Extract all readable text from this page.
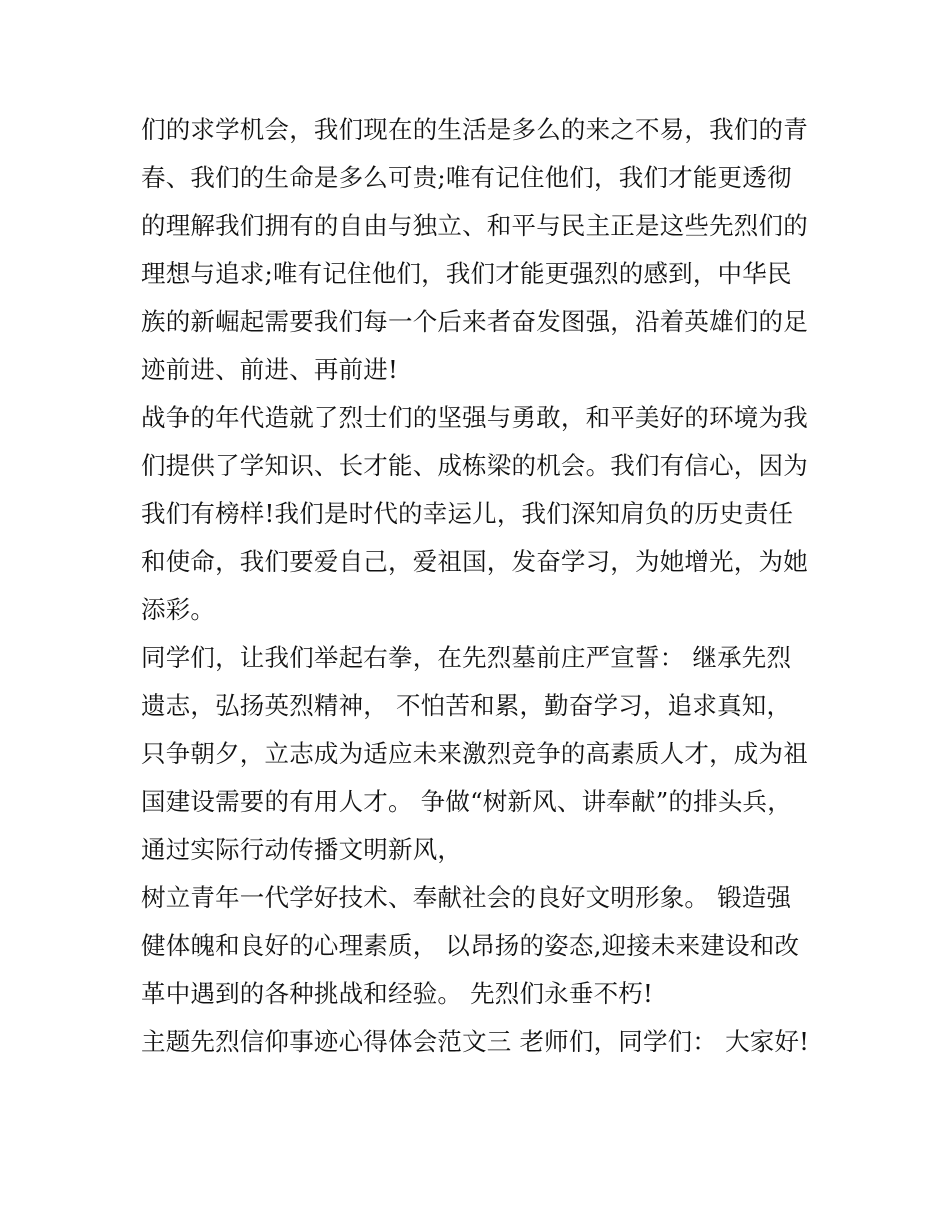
们的求学机会，我们现在的生活是多么的来之不易，我们的青
春、我们的生命是多么可贵;唯有记住他们，我们才能更透彻
的理解我们拥有的自由与独立、和平与民主正是这些先烈们的
理想与追求;唯有记住他们，我们才能更强烈的感到，中华民
族的新崛起需要我们每一个后来者奋发图强，沿着英雄们的足
迹前进、前进、再前进!
战争的年代造就了烈士们的坚强与勇敢，和平美好的环境为我
们提供了学知识、长才能、成栋梁的机会。我们有信心，因为
我们有榜样!我们是时代的幸运儿，我们深知肩负的历史责任
和使命，我们要爱自己，爱祖国，发奋学习，为她增光，为她
添彩。
同学们，让我们举起右拳，在先烈墓前庄严宣誓： 继承先烈
遗志，弘扬英烈精神， 不怕苦和累，勤奋学习，追求真知，
只争朝夕，立志成为适应未来激烈竞争的高素质人才，成为祖
国建设需要的有用人才。 争做“树新风、讲奉献”的排头兵，
通过实际行动传播文明新风，
树立青年一代学好技术、奉献社会的良好文明形象。 锻造强
健体魄和良好的心理素质， 以昂扬的姿态,迎接未来建设和改
革中遇到的各种挑战和经验。 先烈们永垂不朽!
主题先烈信仰事迹心得体会范文三 老师们，同学们： 大家好!
